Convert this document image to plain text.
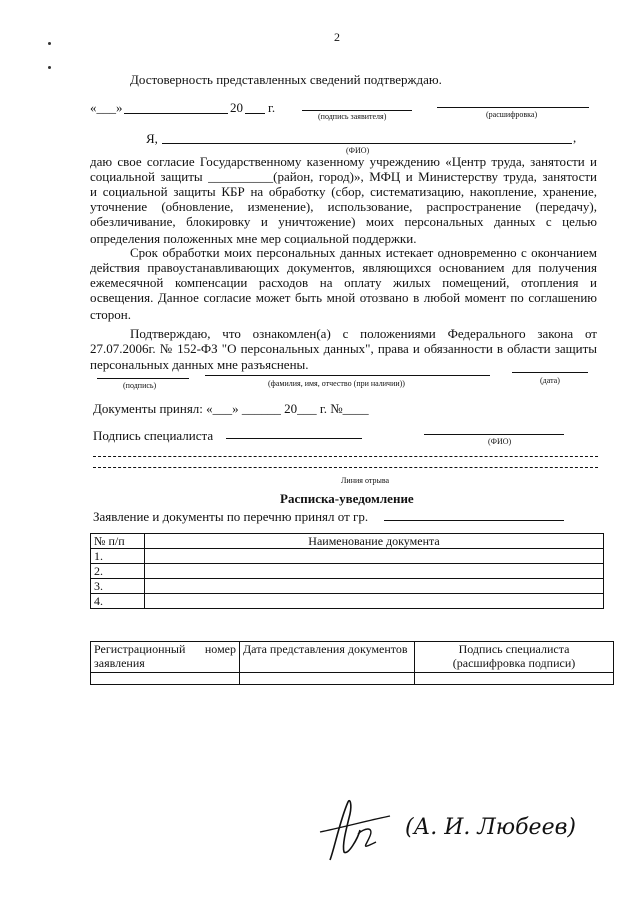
2
Достоверность представленных сведений подтверждаю.
«___»	20 г.
(подпись заявителя)	(расшифровка)
Я,	,
(ФИО)
даю свое согласие Государственному казенному учреждению «Центр труда, занятости и
социальной защиты __________(район, город)», МФЦ и Министерству труда, занятости
и социальной защиты КБР на обработку (сбор, систематизацию, накопление, хранение,
уточнение (обновление, изменение), использование, распространение (передачу),
обезличивание, блокировку и уничтожение) моих персональных данных с целью
определения положенных мне мер социальной поддержки.
Срок обработки моих персональных данных истекает одновременно с окончанием
действия правоустанавливающих документов, являющихся основанием для получения
ежемесячной компенсации расходов на оплату жилых помещений, отопления и
освещения. Данное согласие может быть мной отозвано в любой момент по соглашению
сторон.
Подтверждаю, что ознакомлен(а) с положениями Федерального закона от
27.07.2006г. № 152-ФЗ "О персональных данных", права и обязанности в области защиты
персональных данных мне разъяснены.
(подпись)	(фамилия, имя, отчество (при наличии))	(дата)
Документы принял: «___» ______ 20___ г. №____
Подпись специалиста	(ФИО)
Линия отрыва
Расписка-уведомление
Заявление и документы по перечню принял от гр.
№ п/п	Наименование документа
1.	
2.	
3.	
4.	
Регистрационный номер заявления	Дата представления документов	Подпись специалиста
(расшифровка подписи)

(А. И. Любеев)
